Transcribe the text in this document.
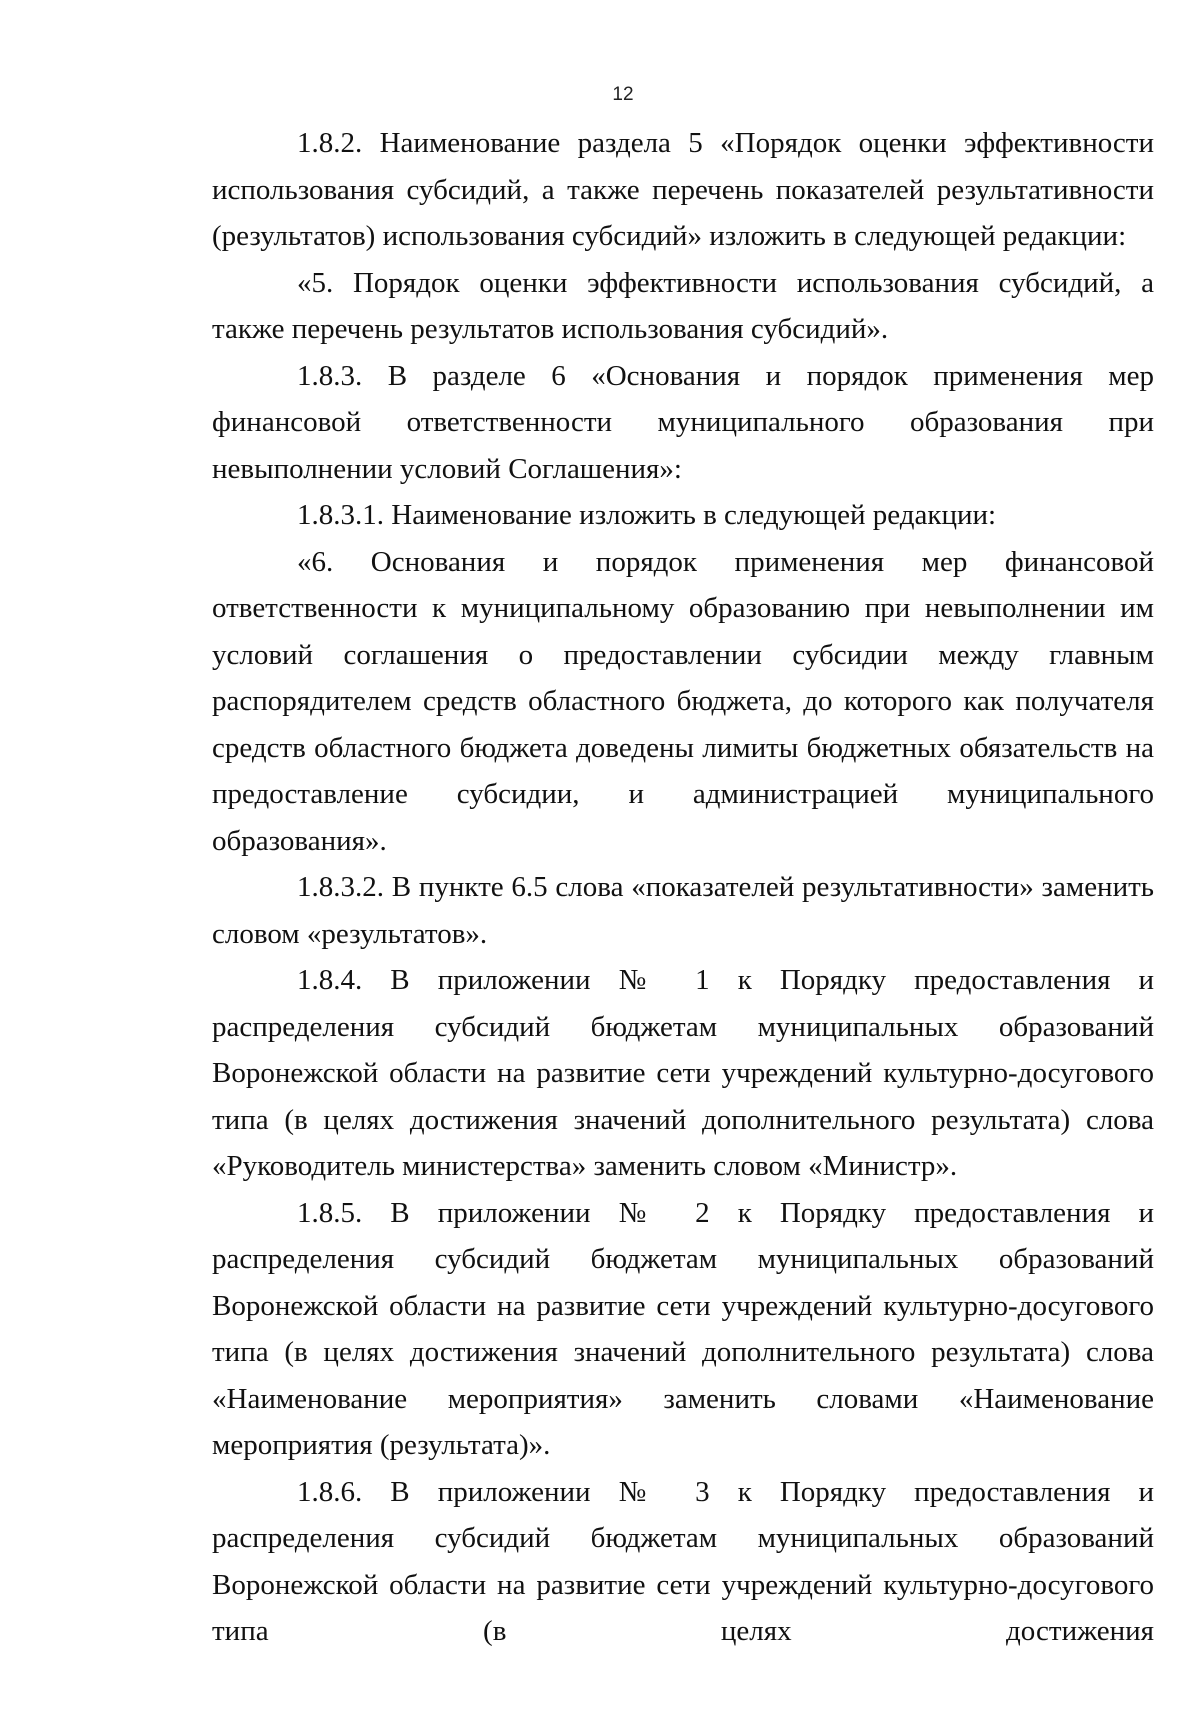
12

1.8.2. Наименование раздела 5 «Порядок оценки эффективности использования субсидий, а также перечень показателей результативности (результатов) использования субсидий» изложить в следующей редакции:

«5. Порядок оценки эффективности использования субсидий, а также перечень результатов использования субсидий».

1.8.3. В разделе 6 «Основания и порядок применения мер финансовой ответственности муниципального образования при невыполнении условий Соглашения»:

1.8.3.1. Наименование изложить в следующей редакции:

«6. Основания и порядок применения мер финансовой ответственности к муниципальному образованию при невыполнении им условий соглашения о предоставлении субсидии между главным распорядителем средств областного бюджета, до которого как получателя средств областного бюджета доведены лимиты бюджетных обязательств на предоставление субсидии, и администрацией муниципального образования».

1.8.3.2. В пункте 6.5 слова «показателей результативности» заменить словом «результатов».

1.8.4. В приложении № 1 к Порядку предоставления и распределения субсидий бюджетам муниципальных образований Воронежской области на развитие сети учреждений культурно-досугового типа (в целях достижения значений дополнительного результата) слова «Руководитель министерства» заменить словом «Министр».

1.8.5. В приложении № 2 к Порядку предоставления и распределения субсидий бюджетам муниципальных образований Воронежской области на развитие сети учреждений культурно-досугового типа (в целях достижения значений дополнительного результата) слова «Наименование мероприятия» заменить словами «Наименование мероприятия (результата)».

1.8.6. В приложении № 3 к Порядку предоставления и распределения субсидий бюджетам муниципальных образований Воронежской области на развитие сети учреждений культурно-досугового типа (в целях достижения
